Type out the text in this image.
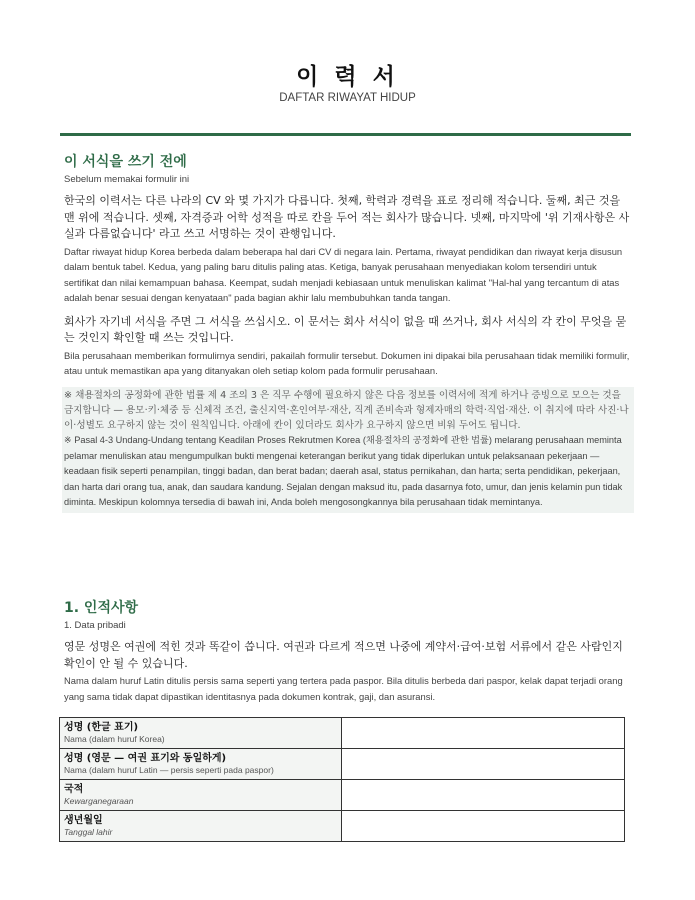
이 력 서
DAFTAR RIWAYAT HIDUP
이 서식을 쓰기 전에
Sebelum memakai formulir ini

한국의 이력서는 다른 나라의 CV 와 몇 가지가 다릅니다. 첫째, 학력과 경력을 표로 정리해 적습니다. 둘째, 최근 것을 맨 위에 적습니다. 셋째, 자격증과 어학 성적을 따로 칸을 두어 적는 회사가 많습니다. 넷째, 마지막에 '위 기재사항은 사실과 다름없습니다' 라고 쓰고 서명하는 것이 관행입니다.

Daftar riwayat hidup Korea berbeda dalam beberapa hal dari CV di negara lain. Pertama, riwayat pendidikan dan riwayat kerja disusun dalam bentuk tabel. Kedua, yang paling baru ditulis paling atas. Ketiga, banyak perusahaan menyediakan kolom tersendiri untuk sertifikat dan nilai kemampuan bahasa. Keempat, sudah menjadi kebiasaan untuk menuliskan kalimat "Hal-hal yang tercantum di atas adalah benar sesuai dengan kenyataan" pada bagian akhir lalu membubuhkan tanda tangan.

회사가 자기네 서식을 주면 그 서식을 쓰십시오. 이 문서는 회사 서식이 없을 때 쓰거나, 회사 서식의 각 칸이 무엇을 묻는 것인지 확인할 때 쓰는 것입니다.

Bila perusahaan memberikan formulirnya sendiri, pakailah formulir tersebut. Dokumen ini dipakai bila perusahaan tidak memiliki formulir, atau untuk memastikan apa yang ditanyakan oleh setiap kolom pada formulir perusahaan.

※ 채용절차의 공정화에 관한 법률 제 4 조의 3 은 직무 수행에 필요하지 않은 다음 정보를 이력서에 적게 하거나 증빙으로 모으는 것을 금지합니다 — 용모·키·체중 등 신체적 조건, 출신지역·혼인여부·재산, 직계 존비속과 형제자매의 학력·직업·재산. 이 취지에 따라 사진·나이·성별도 요구하지 않는 것이 원칙입니다. 아래에 칸이 있더라도 회사가 요구하지 않으면 비워 두어도 됩니다.

※ Pasal 4-3 Undang-Undang tentang Keadilan Proses Rekrutmen Korea (채용절차의 공정화에 관한 법률) melarang perusahaan meminta pelamar menuliskan atau mengumpulkan bukti mengenai keterangan berikut yang tidak diperlukan untuk pelaksanaan pekerjaan — keadaan fisik seperti penampilan, tinggi badan, dan berat badan; daerah asal, status pernikahan, dan harta; serta pendidikan, pekerjaan, dan harta dari orang tua, anak, dan saudara kandung. Sejalan dengan maksud itu, pada dasarnya foto, umur, dan jenis kelamin pun tidak diminta. Meskipun kolomnya tersedia di bawah ini, Anda boleh mengosongkannya bila perusahaan tidak memintanya.

1. 인적사항
1. Data pribadi

영문 성명은 여권에 적힌 것과 똑같이 씁니다. 여권과 다르게 적으면 나중에 계약서·급여·보험 서류에서 같은 사람인지 확인이 안 될 수 있습니다.

Nama dalam huruf Latin ditulis persis sama seperti yang tertera pada paspor. Bila ditulis berbeda dari paspor, kelak dapat terjadi orang yang sama tidak dapat dipastikan identitasnya pada dokumen kontrak, gaji, dan asuransi.

성명 (한글 표기)
Nama (dalam huruf Korea)	

성명 (영문 — 여권 표기와 동일하게)
Nama (dalam huruf Latin — persis seperti pada paspor)	

국적
Kewarganegaraan	

생년월일
Tanggal lahir	
